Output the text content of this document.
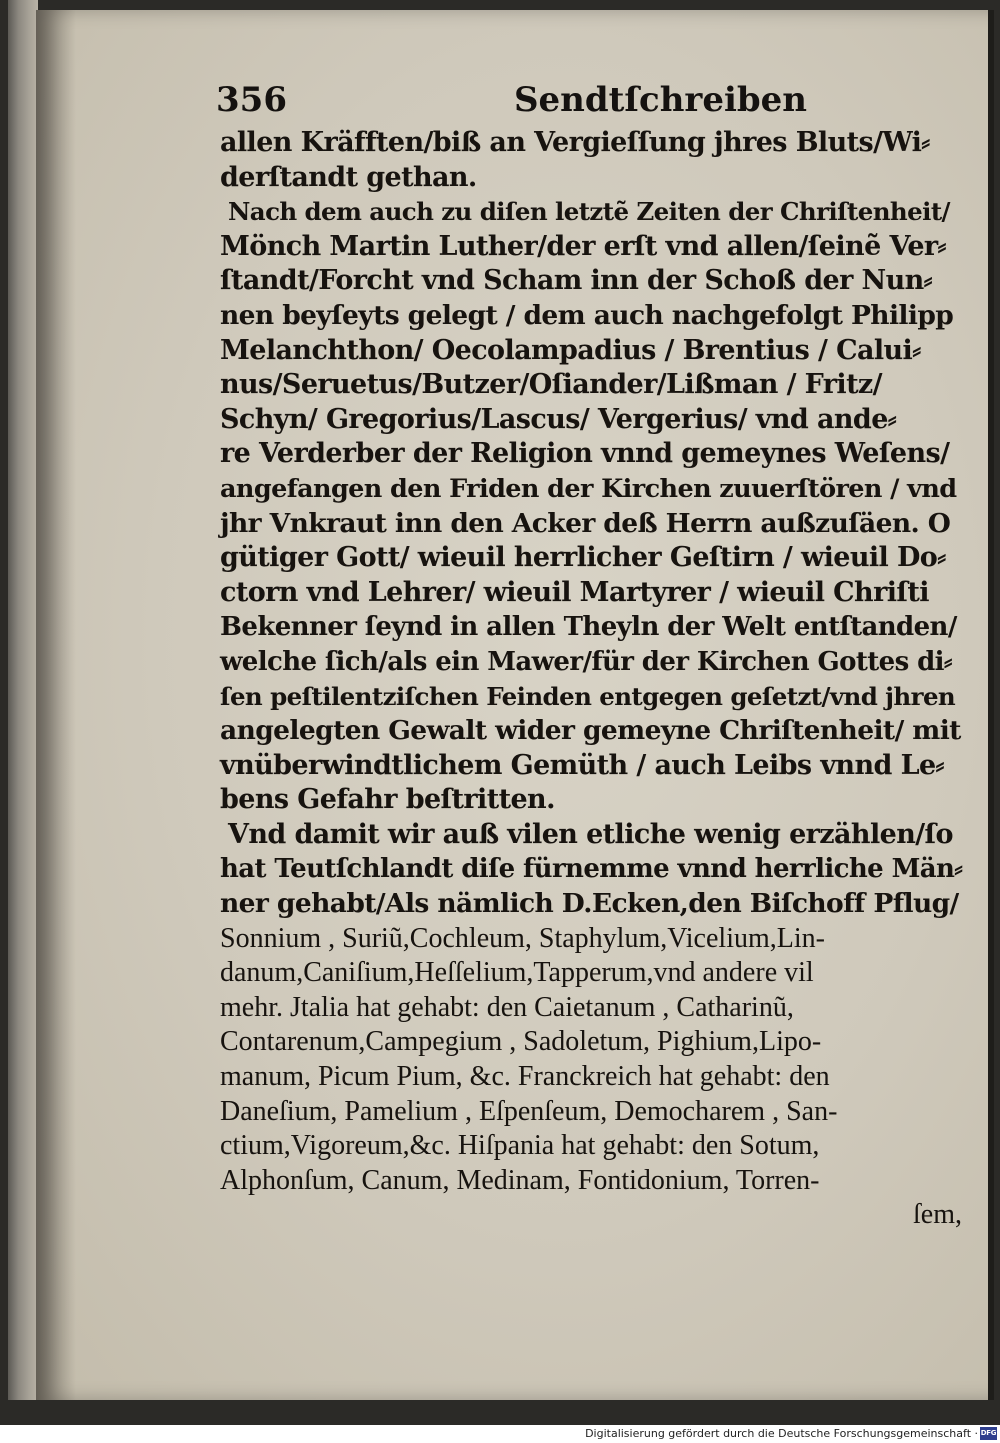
356	Sendtſchreiben
allen Kräfften/biß an Vergieſſung jhres Bluts/Wi⸗
derſtandt gethan.
Nach dem auch zu diſen letztẽ Zeiten der Chriſtenheit/
Mönch Martin Luther/der erſt vnd allen/ſeinẽ Ver⸗
ſtandt/Forcht vnd Scham inn der Schoß der Nun⸗
nen beyſeyts gelegt / dem auch nachgefolgt Philipp
Melanchthon/ Oecolampadius / Brentius / Calui⸗
nus/Seruetus/Butzer/Oſiander/Lißman / Fritz/
Schyn/ Gregorius/Lascus/ Vergerius/ vnd ande⸗
re Verderber der Religion vnnd gemeynes Weſens/
angefangen den Friden der Kirchen zuuerſtören / vnd
jhr Vnkraut inn den Acker deß Herrn außzuſäen. O
gütiger Gott/ wieuil herrlicher Geſtirn / wieuil Do⸗
ctorn vnd Lehrer/ wieuil Martyrer / wieuil Chriſti
Bekenner ſeynd in allen Theyln der Welt entſtanden/
welche ſich/als ein Mawer/für der Kirchen Gottes di⸗
ſen peſtilentziſchen Feinden entgegen geſetzt/vnd jhren
angelegten Gewalt wider gemeyne Chriſtenheit/ mit
vnüberwindtlichem Gemüth / auch Leibs vnnd Le⸗
bens Gefahr beſtritten.
Vnd damit wir auß vilen etliche wenig erzählen/ſo
hat Teutſchlandt diſe fürnemme vnnd herrliche Män⸗
ner gehabt/Als nämlich D.Ecken,den Biſchoff Pflug/
Sonnium , Suriũ,Cochleum, Staphylum,Vicelium,Lin-
danum,Caniſium,Heſſelium,Tapperum,vnd andere vil
mehr. Jtalia hat gehabt: den Caietanum , Catharinũ,
Contarenum,Campegium , Sadoletum, Pighium,Lipo-
manum, Picum Pium, &c. Franckreich hat gehabt: den
Daneſium, Pamelium , Eſpenſeum, Democharem , San-
ctium,Vigoreum,&c. Hiſpania hat gehabt: den Sotum,
Alphonſum, Canum, Medinam, Fontidonium, Torren-
ſem,
Digitalisierung gefördert durch die Deutsche Forschungsgemeinschaft · DFG
